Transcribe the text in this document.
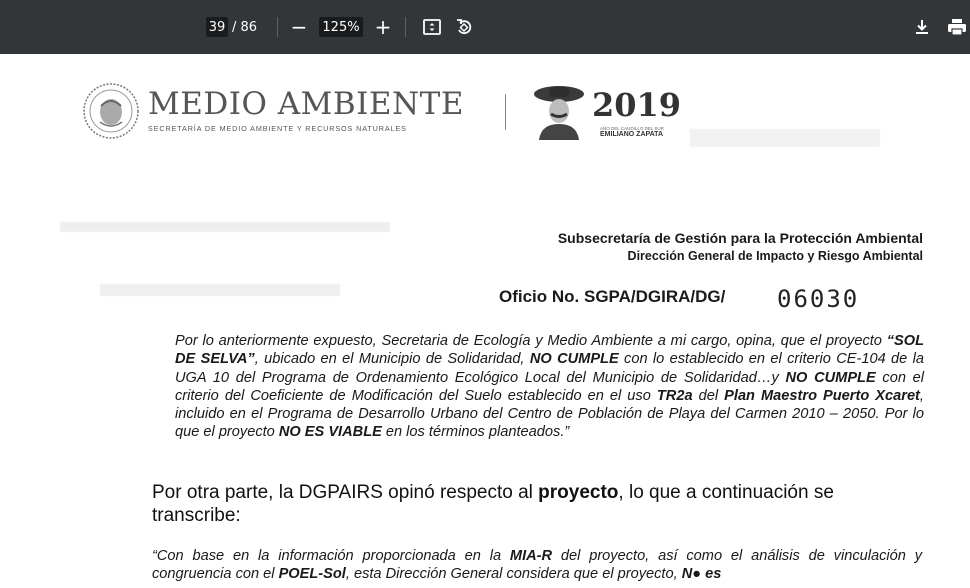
39 / 86 − 125% +
MEDIO AMBIENTE
SECRETARÍA DE MEDIO AMBIENTE Y RECURSOS NATURALES
2019
AÑO DEL CAUDILLO DEL SUR
EMILIANO ZAPATA
Subsecretaría de Gestión para la Protección Ambiental
Dirección General de Impacto y Riesgo Ambiental
Oficio No. SGPA/DGIRA/DG/ 06030
Por lo anteriormente expuesto, Secretaria de Ecología y Medio Ambiente a mi cargo, opina, que el proyecto “SOL DE SELVA”, ubicado en el Municipio de Solidaridad, NO CUMPLE con lo establecido en el criterio CE-104 de la UGA 10 del Programa de Ordenamiento Ecológico Local del Municipio de Solidaridad…y NO CUMPLE con el criterio del Coeficiente de Modificación del Suelo establecido en el uso TR2a del Plan Maestro Puerto Xcaret, incluido en el Programa de Desarrollo Urbano del Centro de Población de Playa del Carmen 2010 – 2050. Por lo que el proyecto NO ES VIABLE en los términos planteados.”
Por otra parte, la DGPAIRS opinó respecto al proyecto, lo que a continuación se transcribe:
“Con base en la información proporcionada en la MIA-R del proyecto, así como el análisis de vinculación y congruencia con el POEL-Sol, esta Dirección General considera que el proyecto, N● es
